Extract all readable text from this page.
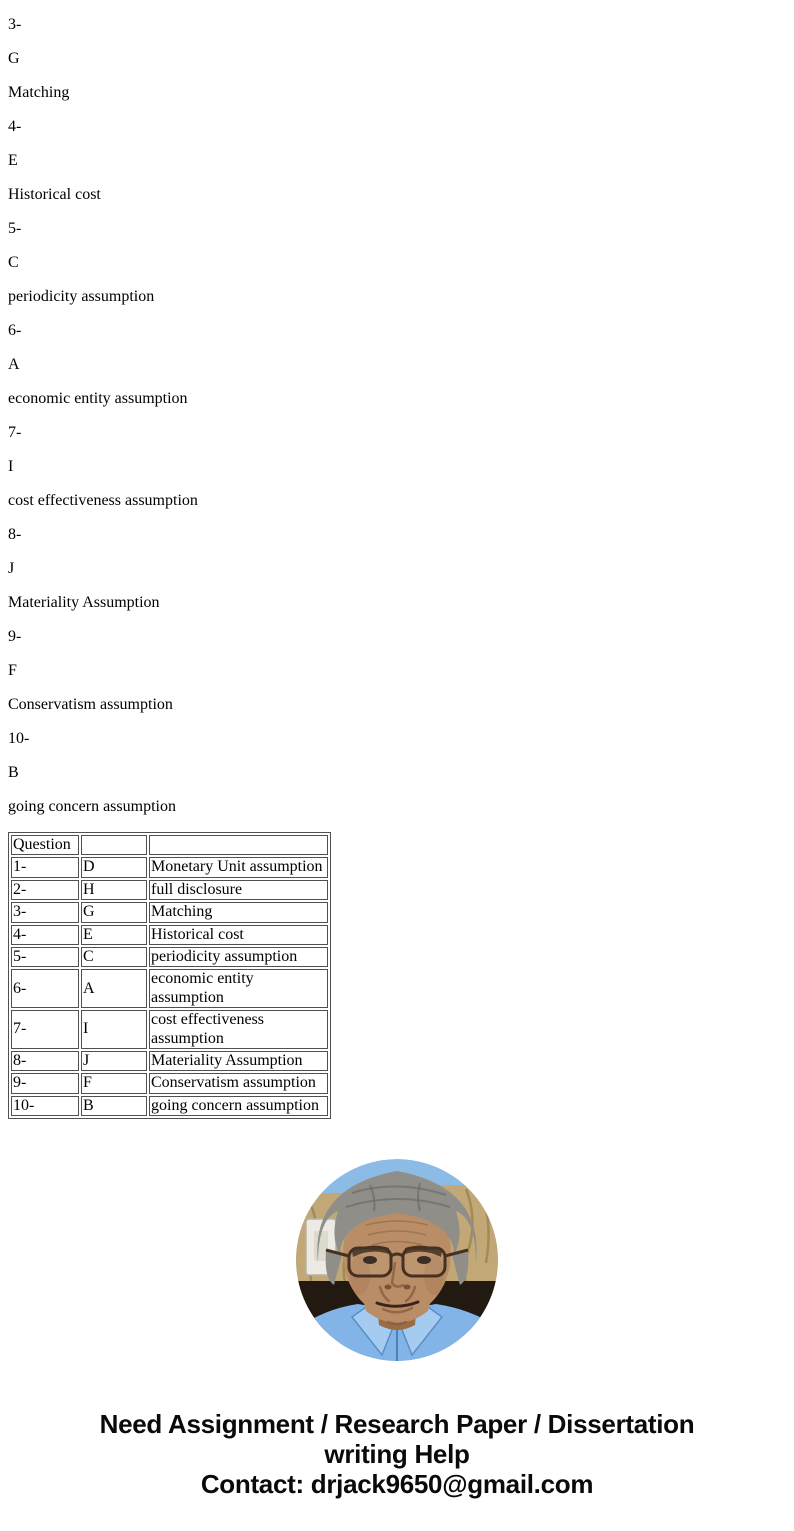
3-

G

Matching

4-

E

Historical cost

5-

C

periodicity assumption

6-

A

economic entity assumption

7-

I

cost effectiveness assumption

8-

J

Materiality Assumption

9-

F

Conservatism assumption

10-

B

going concern assumption

Question		
1-	D	Monetary Unit assumption
2-	H	full disclosure
3-	G	Matching
4-	E	Historical cost
5-	C	periodicity assumption
6-	A	economic entity assumption
7-	I	cost effectiveness assumption
8-	J	Materiality Assumption
9-	F	Conservatism assumption
10-	B	going concern assumption
Need Assignment / Research Paper / Dissertation
writing Help
Contact: drjack9650@gmail.com
